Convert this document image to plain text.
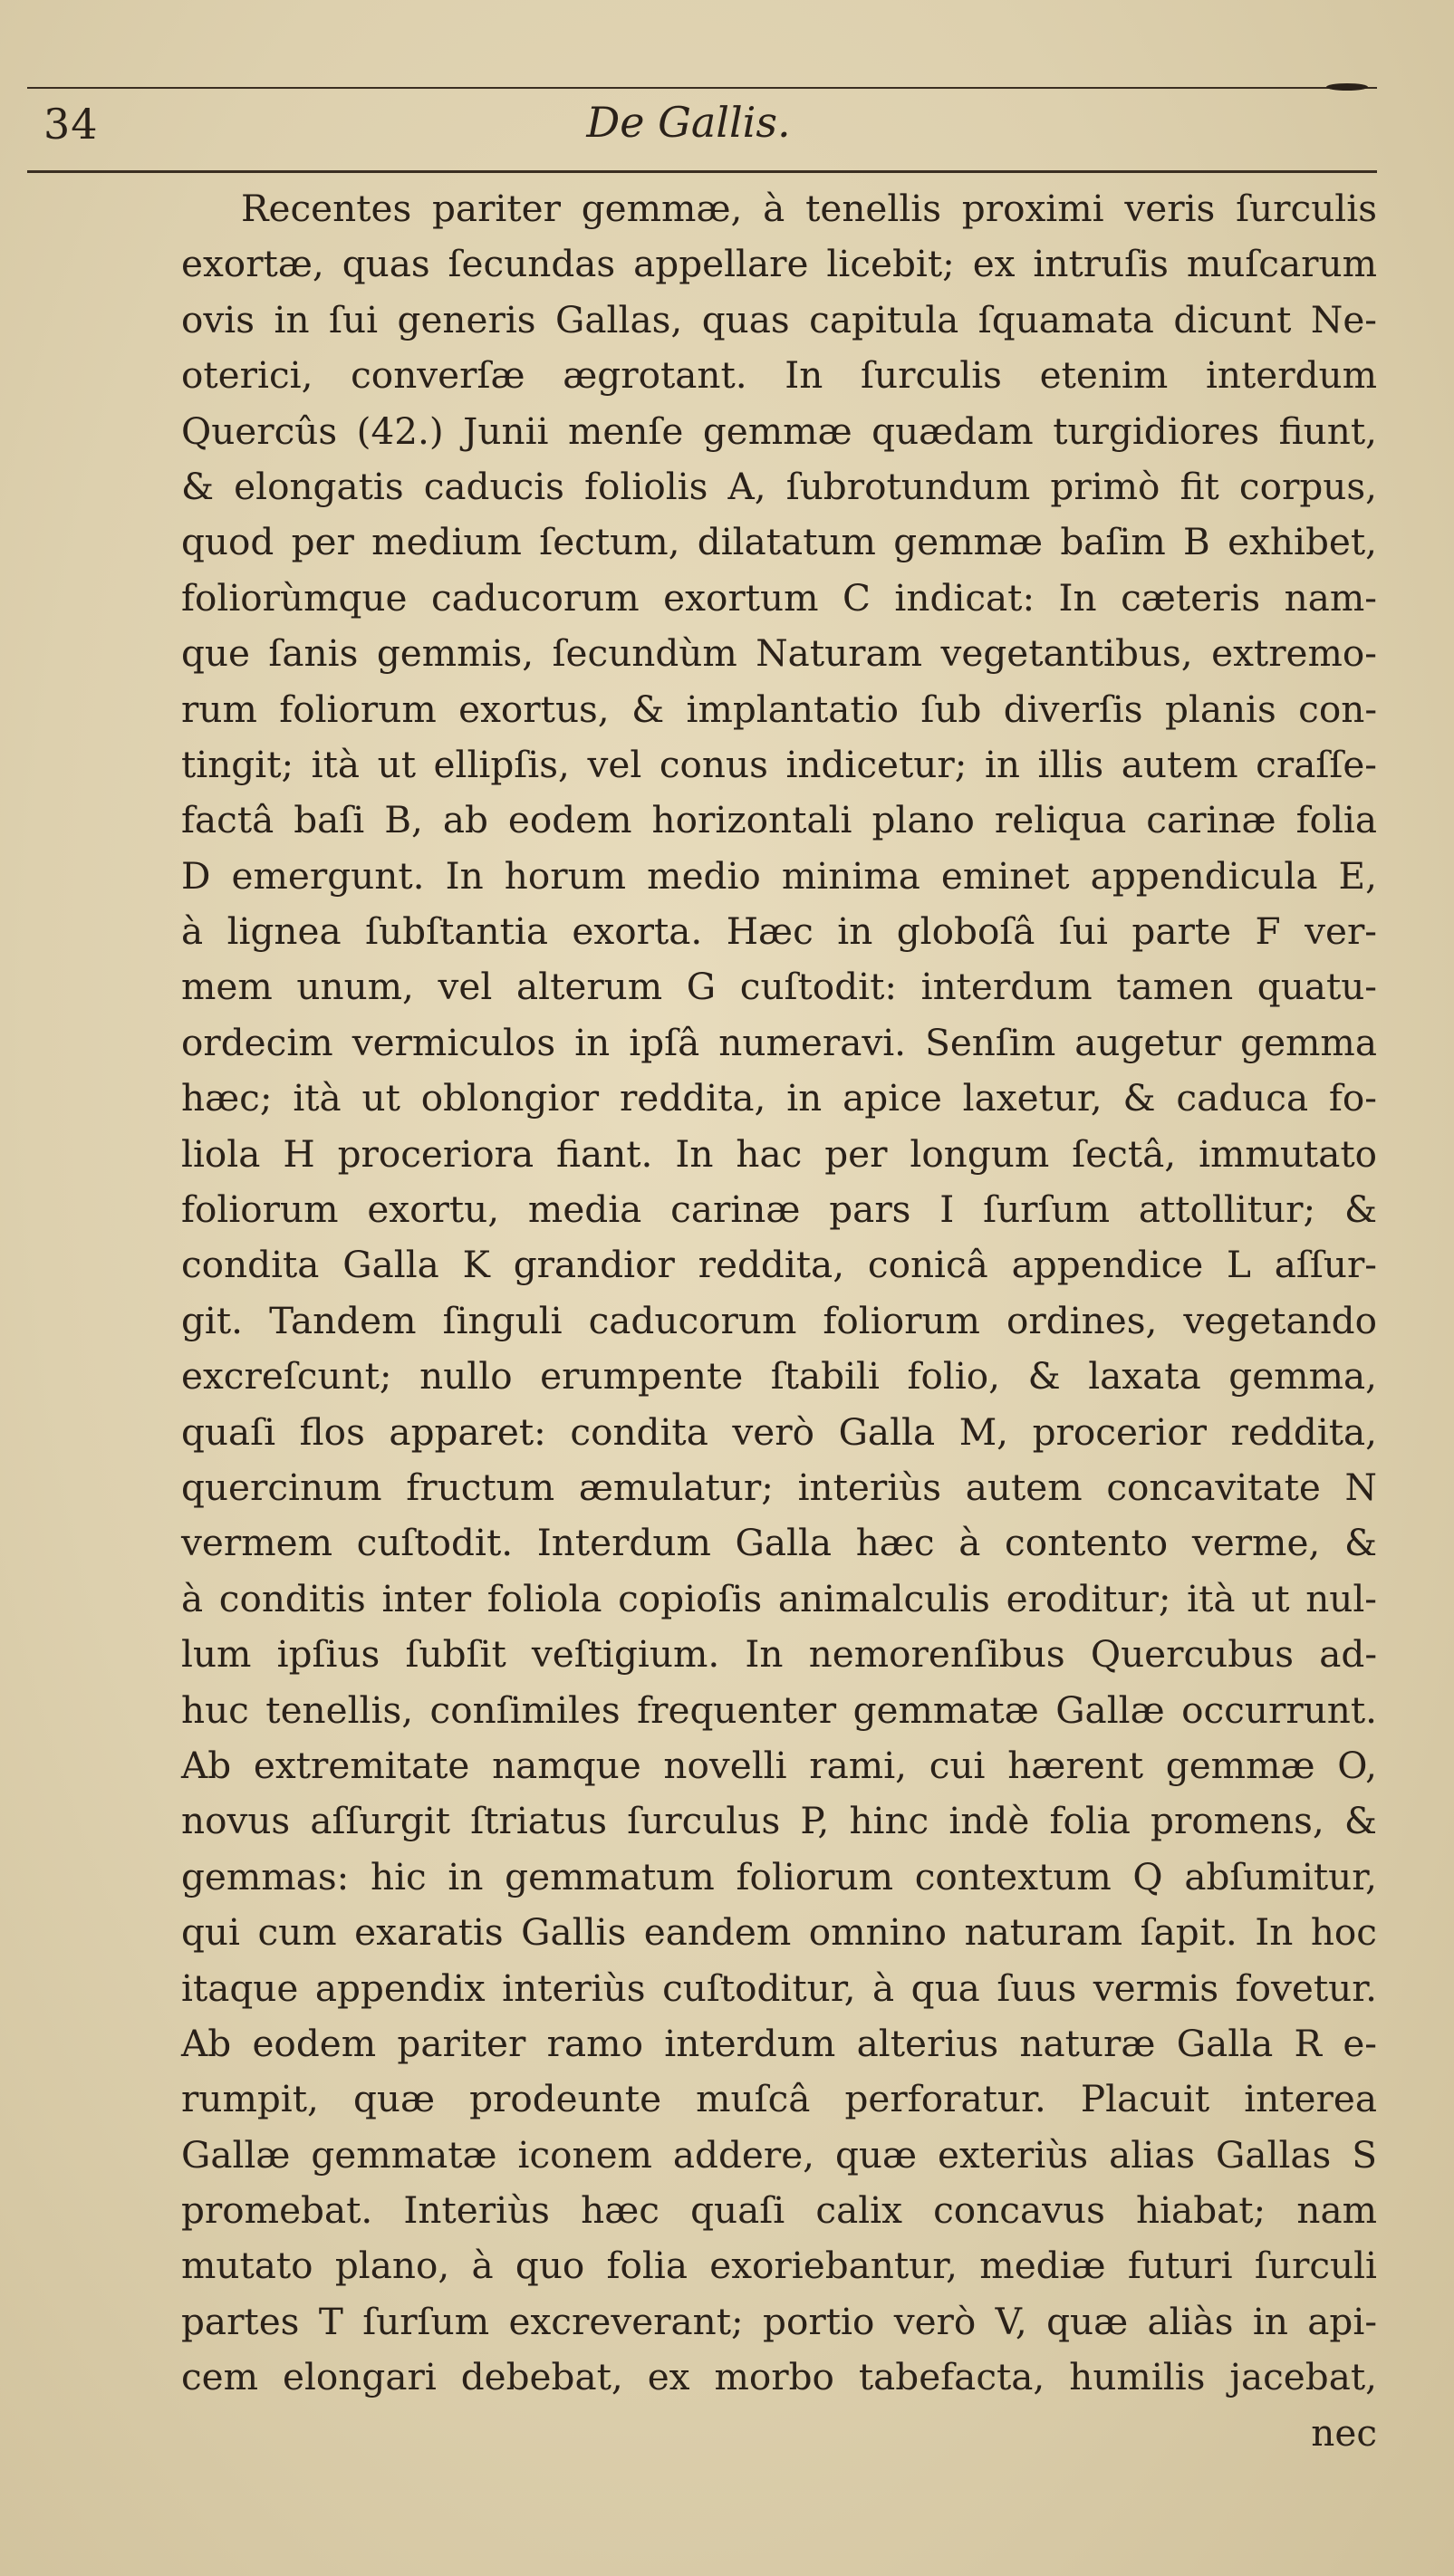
34	De Gallis.
Recentes pariter gemmæ, à tenellis proximi veris ſurculis
exortæ, quas ſecundas appellare licebit; ex intruſis muſcarum
ovis in ſui generis Gallas, quas capitula ſquamata dicunt Ne-
oterici, converſæ ægrotant. In ſurculis etenim interdum
Quercûs (42.) Junii menſe gemmæ quædam turgidiores fiunt,
& elongatis caducis foliolis A, ſubrotundum primò fit corpus,
quod per medium ſectum, dilatatum gemmæ baſim B exhibet,
foliorùmque caducorum exortum C indicat: In cæteris nam-
que ſanis gemmis, ſecundùm Naturam vegetantibus, extremo-
rum foliorum exortus, & implantatio ſub diverſis planis con-
tingit; ità ut ellipſis, vel conus indicetur; in illis autem craſſe-
factâ baſi B, ab eodem horizontali plano reliqua carinæ folia
D emergunt. In horum medio minima eminet appendicula E,
à lignea ſubſtantia exorta. Hæc in globoſâ ſui parte F ver-
mem unum, vel alterum G cuſtodit: interdum tamen quatu-
ordecim vermiculos in ipſâ numeravi. Senſim augetur gemma
hæc; ità ut oblongior reddita, in apice laxetur, & caduca fo-
liola H proceriora fiant. In hac per longum ſectâ, immutato
foliorum exortu, media carinæ pars I ſurſum attollitur; &
condita Galla K grandior reddita, conicâ appendice L aſſur-
git. Tandem ſinguli caducorum foliorum ordines, vegetando
excreſcunt; nullo erumpente ſtabili folio, & laxata gemma,
quaſi flos apparet: condita verò Galla M, procerior reddita,
quercinum fructum æmulatur; interiùs autem concavitate N
vermem cuſtodit. Interdum Galla hæc à contento verme, &
à conditis inter foliola copioſis animalculis eroditur; ità ut nul-
lum ipſius ſubſit veſtigium. In nemorenſibus Quercubus ad-
huc tenellis, conſimiles frequenter gemmatæ Gallæ occurrunt.
Ab extremitate namque novelli rami, cui hærent gemmæ O,
novus aſſurgit ſtriatus ſurculus P, hinc indè folia promens, &
gemmas: hic in gemmatum foliorum contextum Q abſumitur,
qui cum exaratis Gallis eandem omnino naturam ſapit. In hoc
itaque appendix interiùs cuſtoditur, à qua ſuus vermis fovetur.
Ab eodem pariter ramo interdum alterius naturæ Galla R e-
rumpit, quæ prodeunte muſcâ perforatur. Placuit interea
Gallæ gemmatæ iconem addere, quæ exteriùs alias Gallas S
promebat. Interiùs hæc quaſi calix concavus hiabat; nam
mutato plano, à quo folia exoriebantur, mediæ futuri ſurculi
partes T ſurſum excreverant; portio verò V, quæ aliàs in api-
cem elongari debebat, ex morbo tabefacta, humilis jacebat,
nec
